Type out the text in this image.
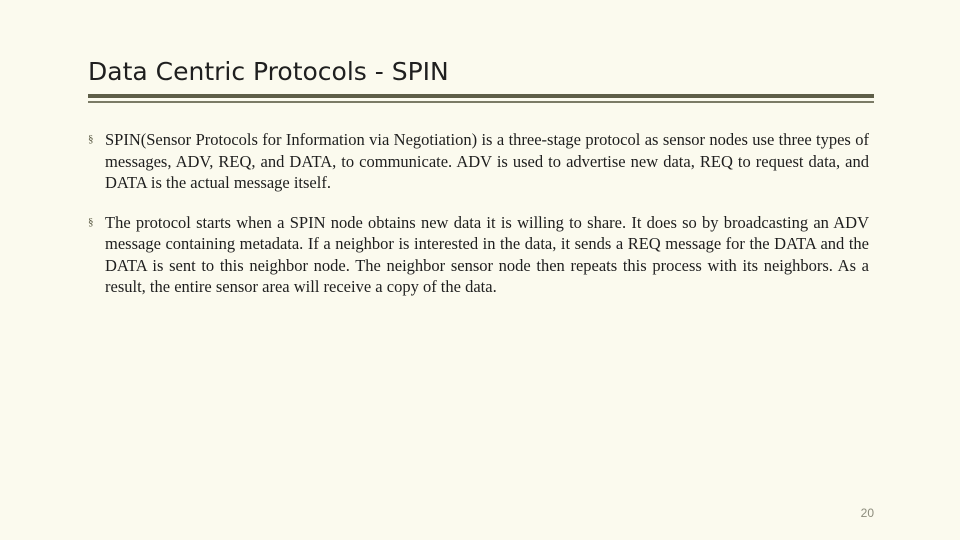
Data Centric Protocols - SPIN
§ SPIN(Sensor Protocols for Information via Negotiation) is a three-stage protocol as sensor nodes use three types of messages, ADV, REQ, and DATA, to communicate. ADV is used to advertise new data, REQ to request data, and DATA is the actual message itself.
§ The protocol starts when a SPIN node obtains new data it is willing to share. It does so by broadcasting an ADV message containing metadata. If a neighbor is interested in the data, it sends a REQ message for the DATA and the DATA is sent to this neighbor node. The neighbor sensor node then repeats this process with its neighbors. As a result, the entire sensor area will receive a copy of the data.
20
